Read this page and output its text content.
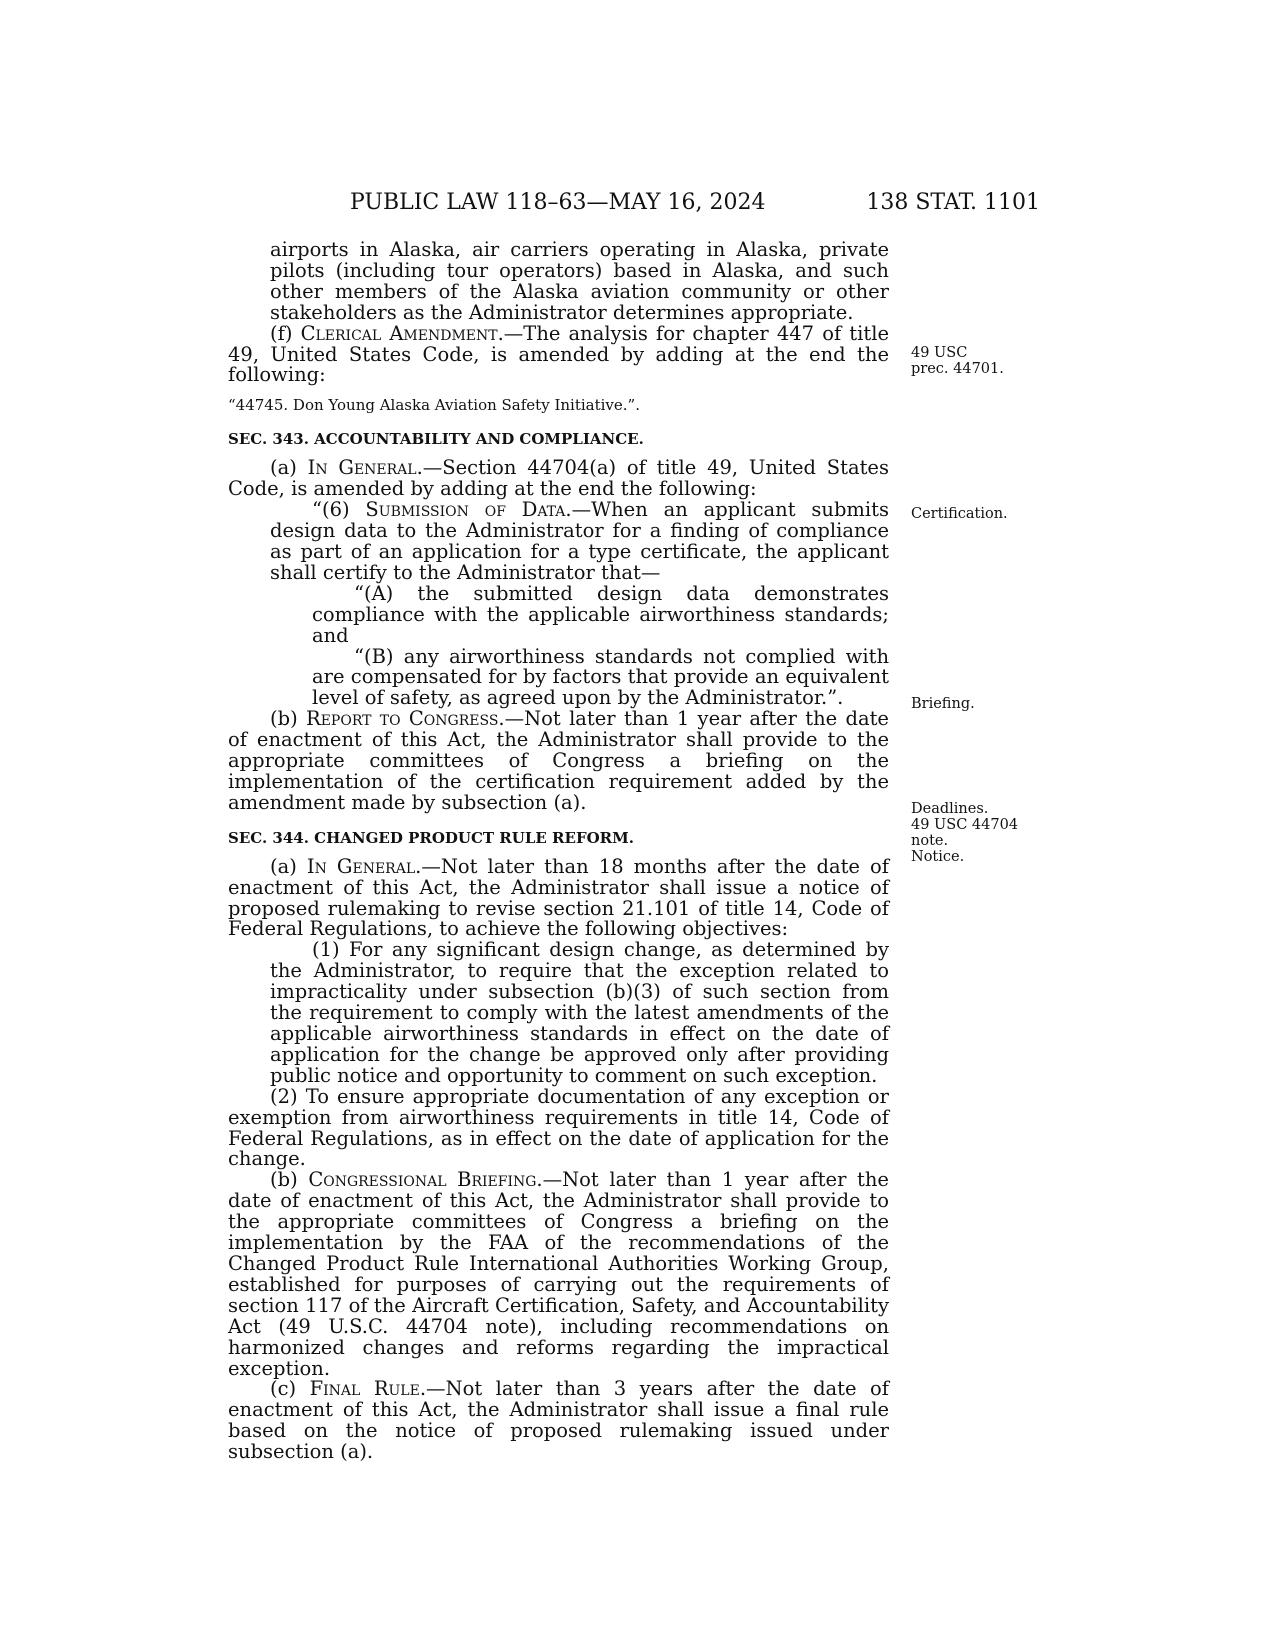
PUBLIC LAW 118–63—MAY 16, 2024	138 STAT. 1101

airports in Alaska, air carriers operating in Alaska, private pilots (including tour operators) based in Alaska, and such other members of the Alaska aviation community or other stakeholders as the Administrator determines appropriate.

(f) Clerical Amendment.—The analysis for chapter 447 of title 49, United States Code, is amended by adding at the end the following:

“44745. Don Young Alaska Aviation Safety Initiative.”.

SEC. 343. ACCOUNTABILITY AND COMPLIANCE.

(a) In General.—Section 44704(a) of title 49, United States Code, is amended by adding at the end the following:

“(6) Submission of Data.—When an applicant submits design data to the Administrator for a finding of compliance as part of an application for a type certificate, the applicant shall certify to the Administrator that—

“(A) the submitted design data demonstrates compliance with the applicable airworthiness standards; and

“(B) any airworthiness standards not complied with are compensated for by factors that provide an equivalent level of safety, as agreed upon by the Administrator.”.

(b) Report to Congress.—Not later than 1 year after the date of enactment of this Act, the Administrator shall provide to the appropriate committees of Congress a briefing on the implementation of the certification requirement added by the amendment made by subsection (a).

SEC. 344. CHANGED PRODUCT RULE REFORM.

(a) In General.—Not later than 18 months after the date of enactment of this Act, the Administrator shall issue a notice of proposed rulemaking to revise section 21.101 of title 14, Code of Federal Regulations, to achieve the following objectives:

(1) For any significant design change, as determined by the Administrator, to require that the exception related to impracticality under subsection (b)(3) of such section from the requirement to comply with the latest amendments of the applicable airworthiness standards in effect on the date of application for the change be approved only after providing public notice and opportunity to comment on such exception.

(2) To ensure appropriate documentation of any exception or exemption from airworthiness requirements in title 14, Code of Federal Regulations, as in effect on the date of application for the change.

(b) Congressional Briefing.—Not later than 1 year after the date of enactment of this Act, the Administrator shall provide to the appropriate committees of Congress a briefing on the implementation by the FAA of the recommendations of the Changed Product Rule International Authorities Working Group, established for purposes of carrying out the requirements of section 117 of the Aircraft Certification, Safety, and Accountability Act (49 U.S.C. 44704 note), including recommendations on harmonized changes and reforms regarding the impractical exception.

(c) Final Rule.—Not later than 3 years after the date of enactment of this Act, the Administrator shall issue a final rule based on the notice of proposed rulemaking issued under subsection (a).

49 USC
prec. 44701.
Certification.
Briefing.
Deadlines.
49 USC 44704
note.
Notice.
